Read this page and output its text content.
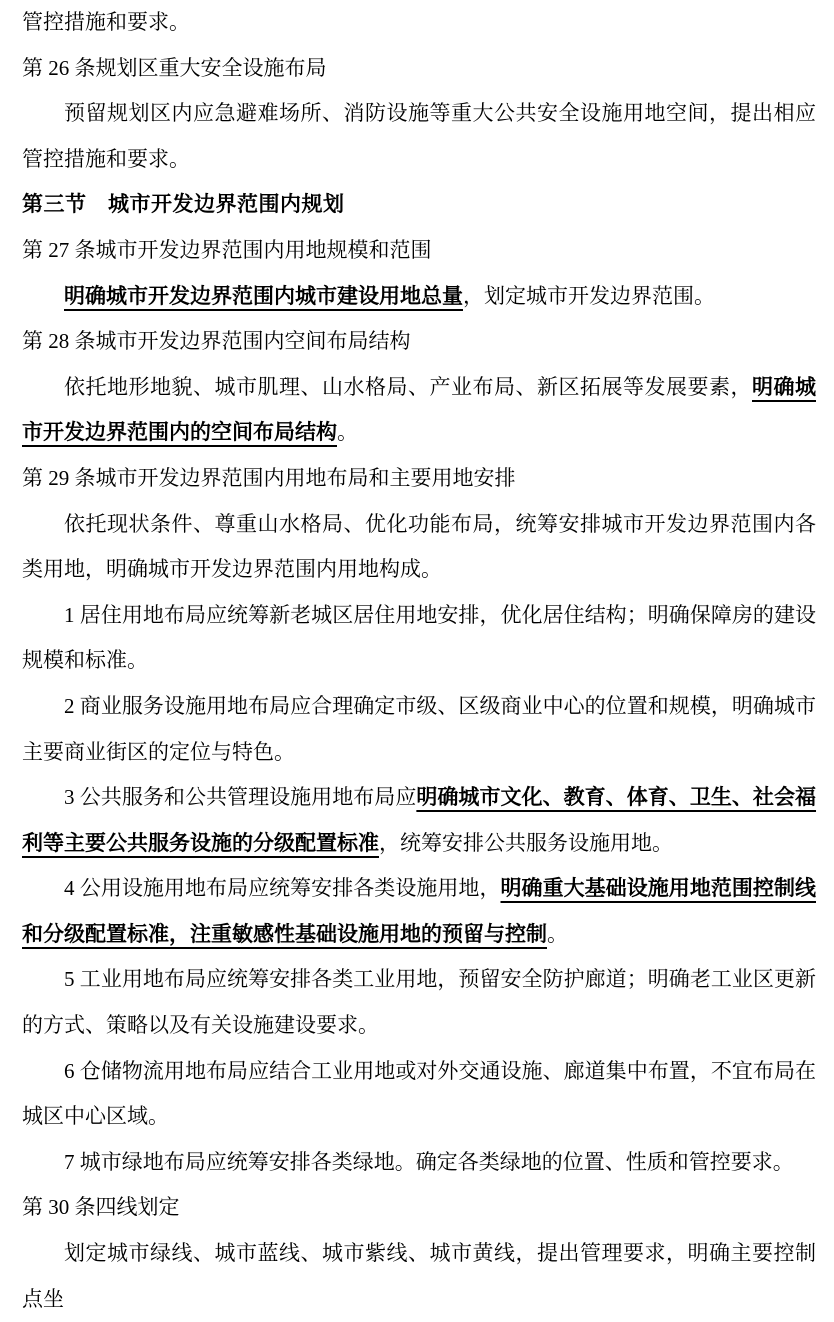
管控措施和要求。

第 26 条规划区重大安全设施布局

预留规划区内应急避难场所、消防设施等重大公共安全设施用地空间，提出相应管控措施和要求。

第三节　城市开发边界范围内规划

第 27 条城市开发边界范围内用地规模和范围

明确城市开发边界范围内城市建设用地总量，划定城市开发边界范围。

第 28 条城市开发边界范围内空间布局结构

依托地形地貌、城市肌理、山水格局、产业布局、新区拓展等发展要素，明确城市开发边界范围内的空间布局结构。

第 29 条城市开发边界范围内用地布局和主要用地安排

依托现状条件、尊重山水格局、优化功能布局，统筹安排城市开发边界范围内各类用地，明确城市开发边界范围内用地构成。

1 居住用地布局应统筹新老城区居住用地安排，优化居住结构；明确保障房的建设规模和标准。

2 商业服务设施用地布局应合理确定市级、区级商业中心的位置和规模，明确城市主要商业街区的定位与特色。

3 公共服务和公共管理设施用地布局应明确城市文化、教育、体育、卫生、社会福利等主要公共服务设施的分级配置标准，统筹安排公共服务设施用地。

4 公用设施用地布局应统筹安排各类设施用地，明确重大基础设施用地范围控制线和分级配置标准，注重敏感性基础设施用地的预留与控制。

5 工业用地布局应统筹安排各类工业用地，预留安全防护廊道；明确老工业区更新的方式、策略以及有关设施建设要求。

6 仓储物流用地布局应结合工业用地或对外交通设施、廊道集中布置，不宜布局在城区中心区域。

7 城市绿地布局应统筹安排各类绿地。确定各类绿地的位置、性质和管控要求。

第 30 条四线划定

划定城市绿线、城市蓝线、城市紫线、城市黄线，提出管理要求，明确主要控制点坐
